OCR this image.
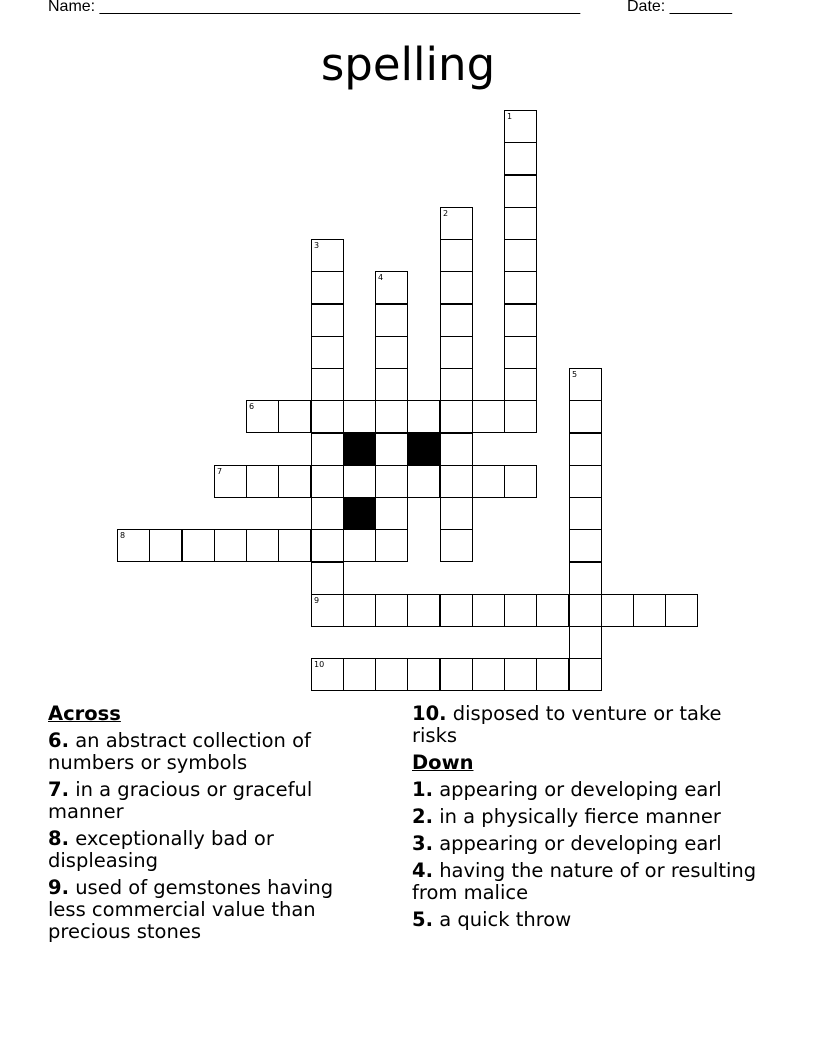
Name: ______________________________________________________	Date: _______
spelling
1
2
3
9
4
5
6
7
8
10
Across
6. an abstract collection of numbers or symbols
7. in a gracious or graceful manner
8. exceptionally bad or displeasing
9. used of gemstones having less commercial value than precious stones
10. disposed to venture or take risks
Down
1. appearing or developing earl
2. in a physically fierce manner
3. appearing or developing earl
4. having the nature of or resulting from malice
5. a quick throw
